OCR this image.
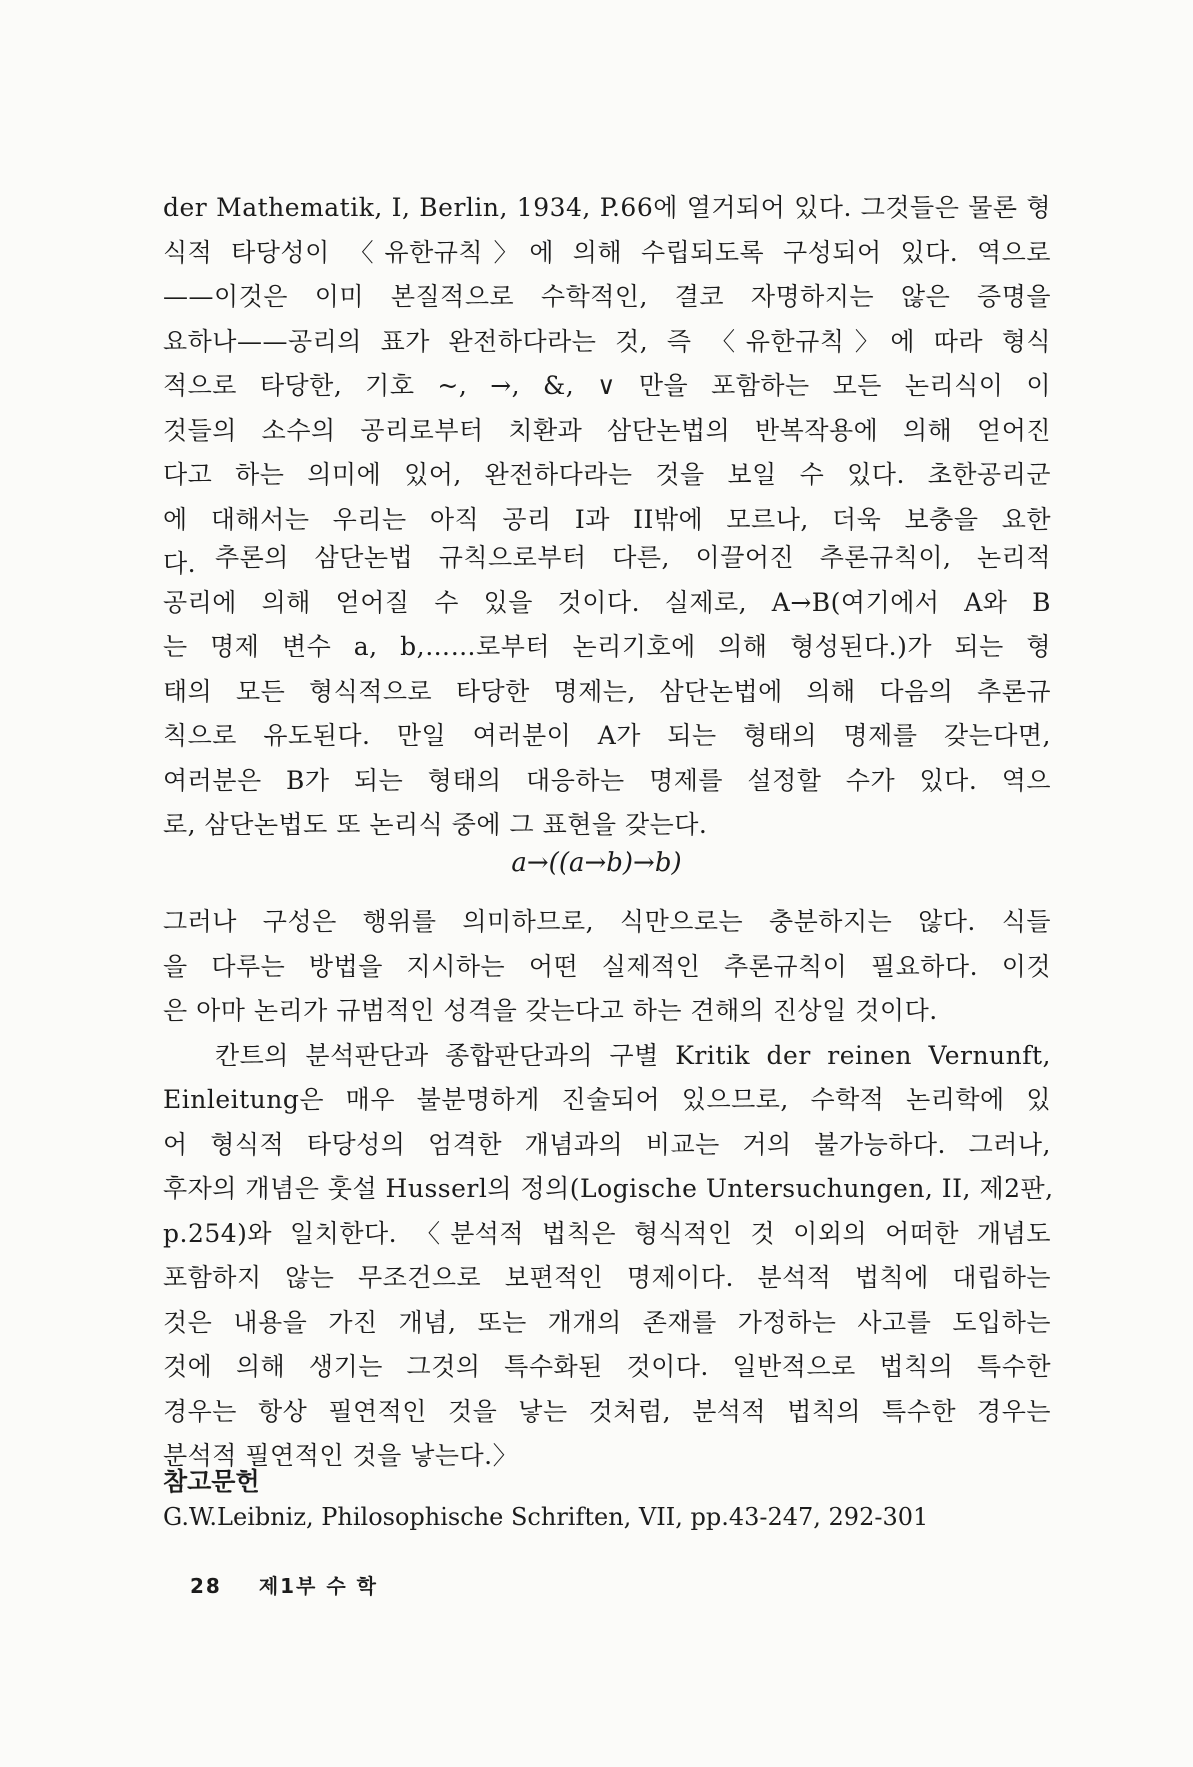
der Mathematik, I, Berlin, 1934, P.66에 열거되어 있다. 그것들은 물론 형
식적 타당성이 〈유한규칙〉에 의해 수립되도록 구성되어 있다. 역으로
——이것은 이미 본질적으로 수학적인, 결코 자명하지는 않은 증명을
요하나——공리의 표가 완전하다라는 것, 즉 〈유한규칙〉에 따라 형식
적으로 타당한, 기호 ~, →, &, ∨ 만을 포함하는 모든 논리식이 이
것들의 소수의 공리로부터 치환과 삼단논법의 반복작용에 의해 얻어진
다고 하는 의미에 있어, 완전하다라는 것을 보일 수 있다. 초한공리군
에 대해서는 우리는 아직 공리 I과 II밖에 모르나, 더욱 보충을 요한
다. 추론의 삼단논법 규칙으로부터 다른, 이끌어진 추론규칙이, 논리적
공리에 의해 얻어질 수 있을 것이다. 실제로, A→B(여기에서 A와 B
는 명제 변수 a, b,……로부터 논리기호에 의해 형성된다.)가 되는 형
태의 모든 형식적으로 타당한 명제는, 삼단논법에 의해 다음의 추론규
칙으로 유도된다. 만일 여러분이 A가 되는 형태의 명제를 갖는다면,
여러분은 B가 되는 형태의 대응하는 명제를 설정할 수가 있다. 역으
로, 삼단논법도 또 논리식 중에 그 표현을 갖는다.
a→((a→b)→b)
그러나 구성은 행위를 의미하므로, 식만으로는 충분하지는 않다. 식들
을 다루는 방법을 지시하는 어떤 실제적인 추론규칙이 필요하다. 이것
은 아마 논리가 규범적인 성격을 갖는다고 하는 견해의 진상일 것이다.
칸트의 분석판단과 종합판단과의 구별 Kritik der reinen Vernunft,
Einleitung은 매우 불분명하게 진술되어 있으므로, 수학적 논리학에 있
어 형식적 타당성의 엄격한 개념과의 비교는 거의 불가능하다. 그러나,
후자의 개념은 훗설 Husserl의 정의(Logische Untersuchungen, II, 제2판,
p.254)와 일치한다. 〈분석적 법칙은 형식적인 것 이외의 어떠한 개념도
포함하지 않는 무조건으로 보편적인 명제이다. 분석적 법칙에 대립하는
것은 내용을 가진 개념, 또는 개개의 존재를 가정하는 사고를 도입하는
것에 의해 생기는 그것의 특수화된 것이다. 일반적으로 법칙의 특수한
경우는 항상 필연적인 것을 낳는 것처럼, 분석적 법칙의 특수한 경우는
분석적 필연적인 것을 낳는다.〉
참고문헌
G.W.Leibniz, Philosophische Schriften, VII, pp.43-247, 292-301
28 제1부 수 학
